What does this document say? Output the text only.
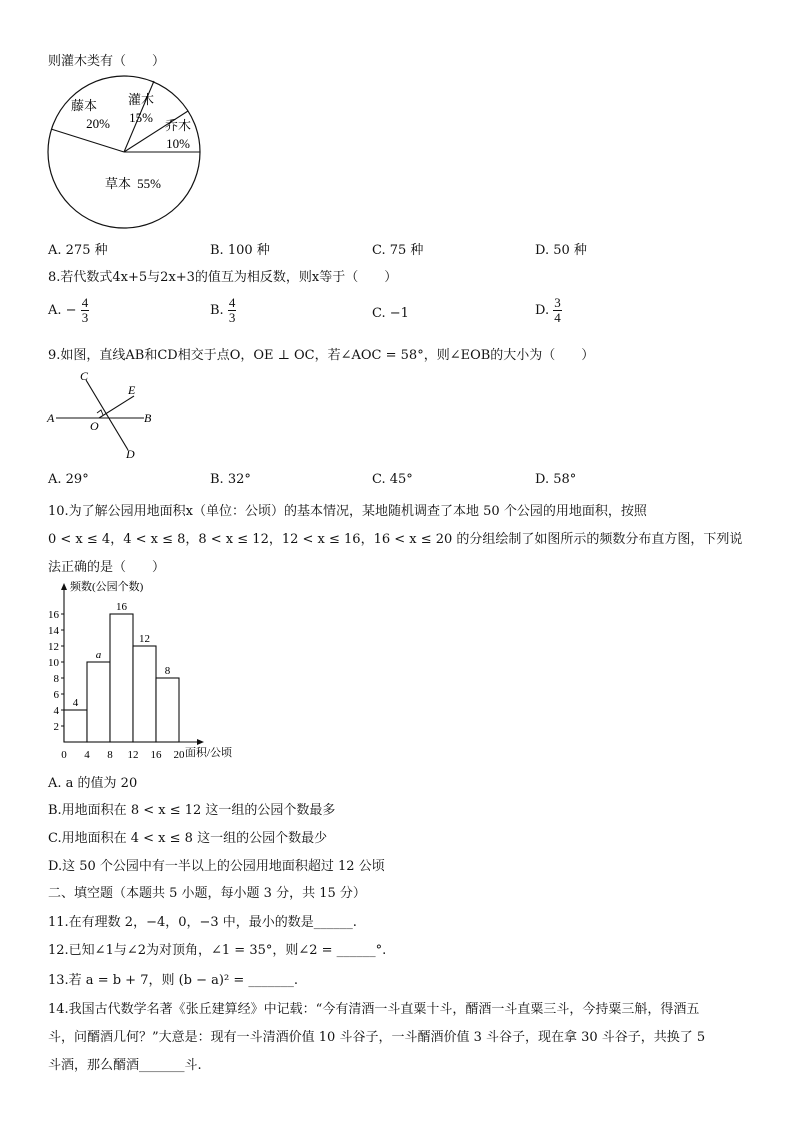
则灌木类有（　　）
藤本
20%
灌木
15%
乔木
10%
草本 55%
A. 275 种	B. 100 种	C. 75 种	D. 50 种
8.若代数式4x+5与2x+3的值互为相反数，则x等于（　　）
A. − $\frac{4}{3}$	B. $\frac{4}{3}$	C. −1	D. $\frac{3}{4}$
9.如图，直线AB和CD相交于点O，OE ⊥ OC，若∠AOC = 58°，则∠EOB的大小为（　　）
A	B
C
D
E
O
A. 29°	B. 32°	C. 45°	D. 58°
10.为了解公园用地面积x（单位：公顷）的基本情况，某地随机调查了本地 50 个公园的用地面积，按照
0 < x ≤ 4，4 < x ≤ 8，8 < x ≤ 12，12 < x ≤ 16，16 < x ≤ 20 的分组绘制了如图所示的频数分布直方图，下列说
法正确的是（　　）
频数(公园个数)
面积/公顷
2
4
6
8
10
12
14
16
0 4 8 12 16 20
4
a
16
12
8
A. a 的值为 20
B.用地面积在 8 < x ≤ 12 这一组的公园个数最多
C.用地面积在 4 < x ≤ 8 这一组的公园个数最少
D.这 50 个公园中有一半以上的公园用地面积超过 12 公顷
二、填空题（本题共 5 小题，每小题 3 分，共 15 分）
11.在有理数 2，−4，0，−3 中，最小的数是______.
12.已知∠1与∠2为对顶角，∠1 = 35°，则∠2 = ______°.
13.若 a = b + 7，则 (b − a)² = _______.
14.我国古代数学名著《张丘建算经》中记载：“今有清酒一斗直粟十斗，醑酒一斗直粟三斗，今持粟三斛，得酒五
斗，问醑酒几何？”大意是：现有一斗清酒价值 10 斗谷子，一斗醑酒价值 3 斗谷子，现在拿 30 斗谷子，共换了 5
斗酒，那么醑酒_______斗.
